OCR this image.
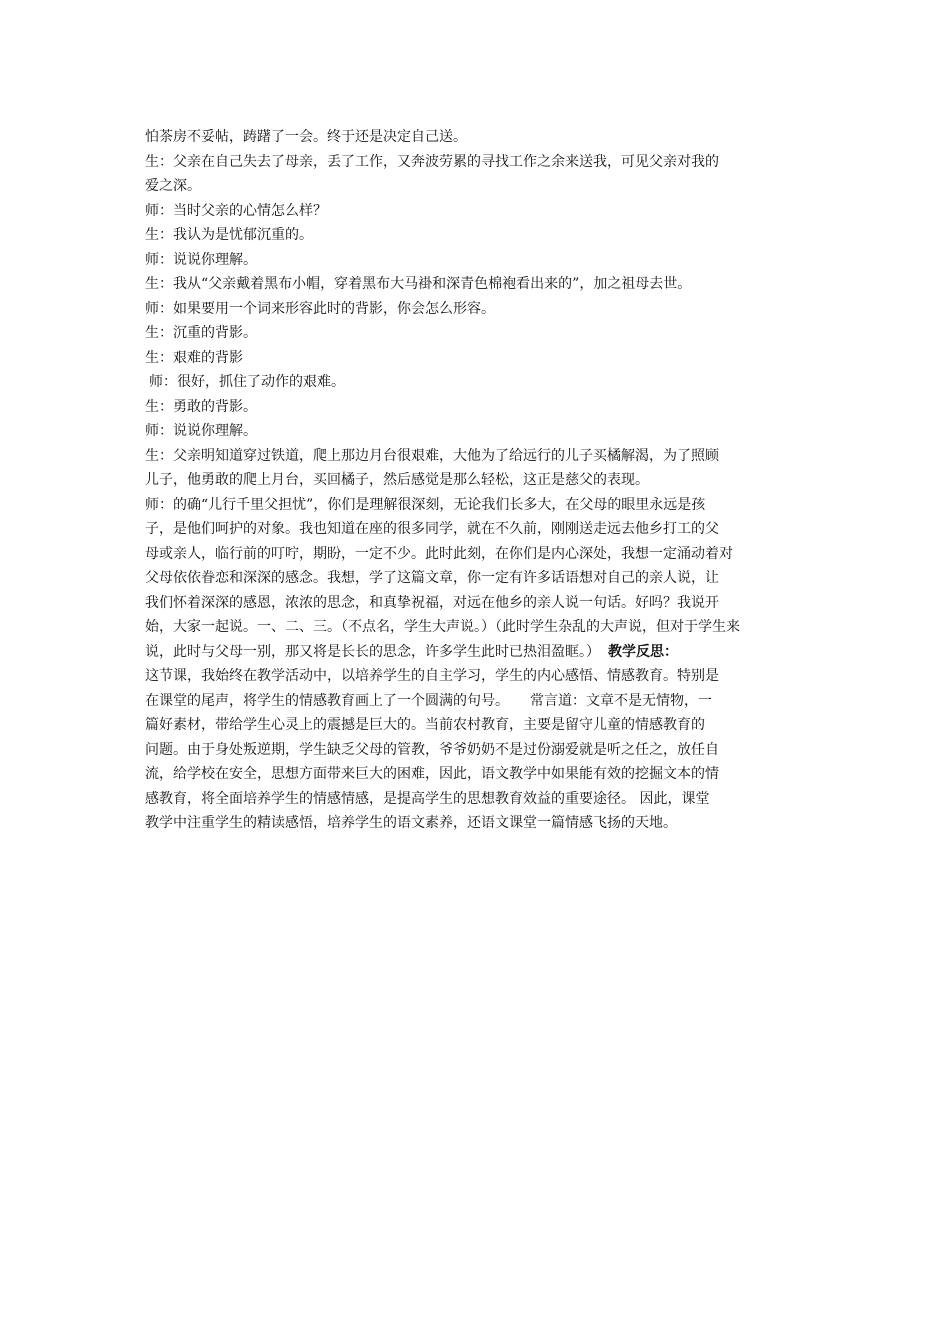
怕茶房不妥帖，踌躇了一会。终于还是决定自己送。
生：父亲在自己失去了母亲，丢了工作，又奔波劳累的寻找工作之余来送我，可见父亲对我的
爱之深。
师：当时父亲的心情怎么样？
生：我认为是忧郁沉重的。
师：说说你理解。
生：我从“父亲戴着黑布小帽，穿着黑布大马褂和深青色棉袍看出来的”，加之祖母去世。
师：如果要用一个词来形容此时的背影，你会怎么形容。
生：沉重的背影。
生：艰难的背影
师：很好，抓住了动作的艰难。
生：勇敢的背影。
师：说说你理解。
生：父亲明知道穿过铁道，爬上那边月台很艰难，大他为了给远行的儿子买橘解渴，为了照顾
儿子，他勇敢的爬上月台，买回橘子，然后感觉是那么轻松，这正是慈父的表现。
师：的确“儿行千里父担忧”，你们是理解很深刻，无论我们长多大，在父母的眼里永远是孩
子，是他们呵护的对象。我也知道在座的很多同学，就在不久前，刚刚送走远去他乡打工的父
母或亲人，临行前的叮咛，期盼，一定不少。此时此刻，在你们是内心深处，我想一定涌动着对
父母依依眷恋和深深的感念。我想，学了这篇文章，你一定有许多话语想对自己的亲人说，让
我们怀着深深的感恩，浓浓的思念，和真挚祝福，对远在他乡的亲人说一句话。好吗？我说开
始，大家一起说。一、二、三。（不点名，学生大声说。）（此时学生杂乱的大声说，但对于学生来
说，此时与父母一别，那又将是长长的思念，许多学生此时已热泪盈眶。） 教学反思：
这节课，我始终在教学活动中，以培养学生的自主学习，学生的内心感悟、情感教育。特别是
在课堂的尾声，将学生的情感教育画上了一个圆满的句号。　　常言道：文章不是无情物，一
篇好素材，带给学生心灵上的震撼是巨大的。当前农村教育，主要是留守儿童的情感教育的
问题。由于身处叛逆期，学生缺乏父母的管教，爷爷奶奶不是过份溺爱就是听之任之，放任自
流，给学校在安全，思想方面带来巨大的困难，因此，语文教学中如果能有效的挖掘文本的情
感教育，将全面培养学生的情感情感，是提高学生的思想教育效益的重要途径。 因此，课堂
教学中注重学生的精读感悟，培养学生的语文素养，还语文课堂一篇情感飞扬的天地。
